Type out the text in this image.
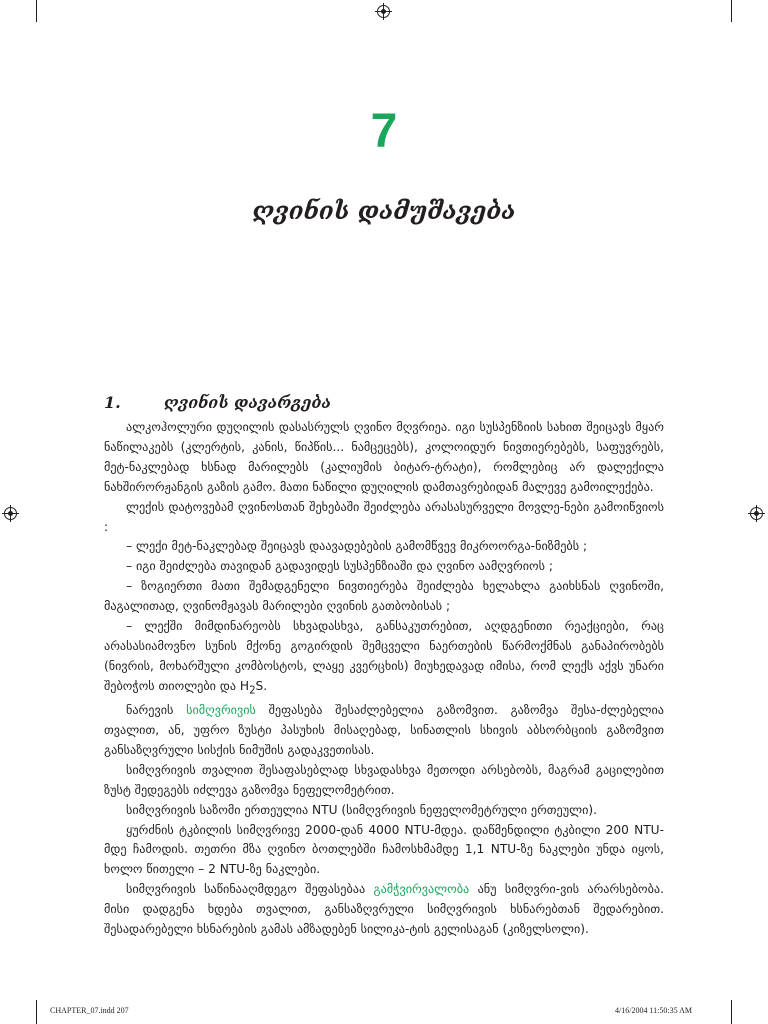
7
ღვინის დამუშავება
1.	ღვინის დავარგება

ალკოჰოლური დუღილის დასასრულს ღვინო მღვრიეა. იგი სუსპენზიის სახით შეიცავს მყარ ნაწილაკებს (კლერტის, კანის, წიპწის... ნამცეცებს), კოლოიდურ ნივთიერებებს, საფუვრებს, მეტ-ნაკლებად ხსნად მარილებს (კალიუმის ბიტარ-ტრატი), რომლებიც არ დალექილა ნახშირორჟანგის გაზის გამო. მათი ნაწილი დუღილის დამთავრებიდან მალევე გამოილექება.

ლექის დატოვებამ ღვინოსთან შეხებაში შეიძლება არასასურველი მოვლე-ნები გამოიწვიოს :

– ლექი მეტ-ნაკლებად შეიცავს დაავადებების გამომწვევ მიკროორგა-ნიზმებს ;

– იგი შეიძლება თავიდან გადავიდეს სუსპენზიაში და ღვინო აამღვრიოს ;

– ზოგიერთი მათი შემადგენელი ნივთიერება შეიძლება ხელახლა გაიხსნას ღვინოში, მაგალითად, ღვინომჟავას მარილები ღვინის გათბობისას ;

– ლექში მიმდინარეობს სხვადასხვა, განსაკუთრებით, აღდგენითი რეაქციები, რაც არასასიამოვნო სუნის მქონე გოგირდის შემცველი ნაერთების წარმოქმნას განაპირობებს (ნივრის, მოხარშული კომბოსტოს, ლაყე კვერცხის) მიუხედავად იმისა, რომ ლექს აქვს უნარი შებოჭოს თიოლები და $H_2S$.

ნარევის სიმღვრივის შეფასება შესაძლებელია გაზომვით. გაზომვა შესა-ძლებელია თვალით, ან, უფრო ზუსტი პასუხის მისაღებად, სინათლის სხივის აბსორბციის გაზომვით განსაზღვრული სისქის ნიმუშის გადაკვეთისას.

სიმღვრივის თვალით შესაფასებლად სხვადასხვა მეთოდი არსებობს, მაგრამ გაცილებით ზუსტ შედეგებს იძლევა გაზომვა ნეფელომეტრით.

სიმღვრივის საზომი ერთეულია NTU (სიმღვრივის ნეფელომეტრული ერთეული).

ყურძნის ტკბილის სიმღვრივე 2000-დან 4000 NTU-მდეა. დაწმენდილი ტკბილი 200 NTU-მდე ჩამოდის. თეთრი მზა ღვინო ბოთლებში ჩამოსხმამდე 1,1 NTU-ზე ნაკლები უნდა იყოს, ხოლო წითელი – 2 NTU-ზე ნაკლები.

სიმღვრივის საწინააღმდეგო შეფასებაა გამჭვირვალობა ანუ სიმღვრი-ვის არარსებობა. მისი დადგენა ხდება თვალით, განსაზღვრული სიმღვრივის ხსნარებთან შედარებით. შესადარებელი ხსნარების გამას ამზადებენ სილიკა-ტის გელისაგან (კიზელსოლი).

CHAPTER_07.indd 207	4/16/2004 11:50:35 AM
